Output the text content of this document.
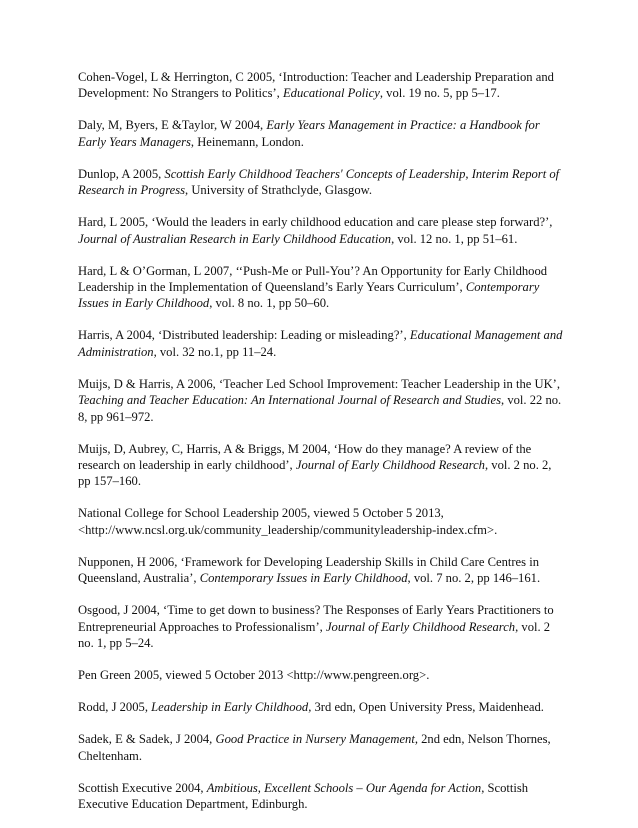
Cohen-Vogel, L & Herrington, C 2005, ‘Introduction: Teacher and Leadership Preparation and Development: No Strangers to Politics’, Educational Policy, vol. 19 no. 5, pp 5–17.

Daly, M, Byers, E &Taylor, W 2004, Early Years Management in Practice: a Handbook for Early Years Managers, Heinemann, London.

Dunlop, A 2005, Scottish Early Childhood Teachers' Concepts of Leadership, Interim Report of Research in Progress, University of Strathclyde, Glasgow.

Hard, L 2005, ‘Would the leaders in early childhood education and care please step forward?’, Journal of Australian Research in Early Childhood Education, vol. 12 no. 1, pp 51–61.

Hard, L & O’Gorman, L 2007, ‘‘Push-Me or Pull-You’? An Opportunity for Early Childhood Leadership in the Implementation of Queensland’s Early Years Curriculum’, Contemporary Issues in Early Childhood, vol. 8 no. 1, pp 50–60.

Harris, A 2004, ‘Distributed leadership: Leading or misleading?’, Educational Management and Administration, vol. 32 no.1, pp 11–24.

Muijs, D & Harris, A 2006, ‘Teacher Led School Improvement: Teacher Leadership in the UK’, Teaching and Teacher Education: An International Journal of Research and Studies, vol. 22 no. 8, pp 961–972.

Muijs, D, Aubrey, C, Harris, A & Briggs, M 2004, ‘How do they manage? A review of the research on leadership in early childhood’, Journal of Early Childhood Research, vol. 2 no. 2, pp 157–160.

National College for School Leadership 2005, viewed 5 October 5 2013, <http://www.ncsl.org.uk/community_leadership/communityleadership-index.cfm>.

Nupponen, H 2006, ‘Framework for Developing Leadership Skills in Child Care Centres in Queensland, Australia’, Contemporary Issues in Early Childhood, vol. 7 no. 2, pp 146–161.

Osgood, J 2004, ‘Time to get down to business? The Responses of Early Years Practitioners to Entrepreneurial Approaches to Professionalism’, Journal of Early Childhood Research, vol. 2 no. 1, pp 5–24.

Pen Green 2005, viewed 5 October 2013 <http://www.pengreen.org>.

Rodd, J 2005, Leadership in Early Childhood, 3rd edn, Open University Press, Maidenhead.

Sadek, E & Sadek, J 2004, Good Practice in Nursery Management, 2nd edn, Nelson Thornes, Cheltenham.

Scottish Executive 2004, Ambitious, Excellent Schools – Our Agenda for Action, Scottish Executive Education Department, Edinburgh.
